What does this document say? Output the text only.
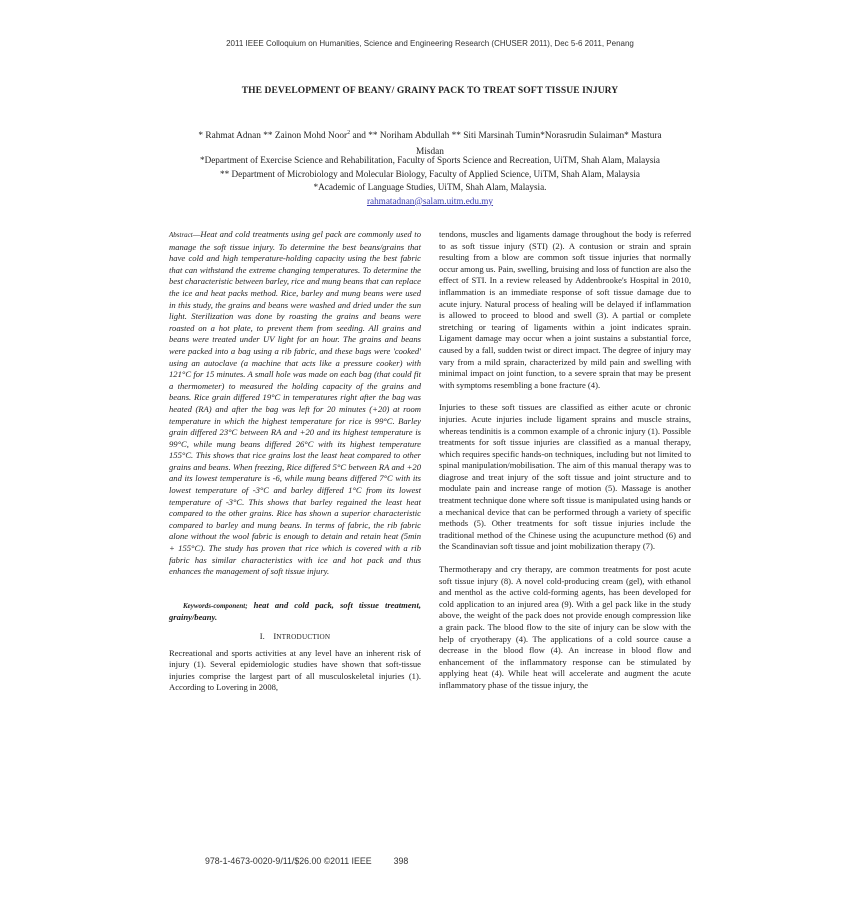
2011 IEEE Colloquium on Humanities, Science and Engineering Research (CHUSER 2011), Dec 5-6 2011, Penang
THE DEVELOPMENT OF BEANY/ GRAINY PACK TO TREAT SOFT TISSUE INJURY
* Rahmat Adnan ** Zainon Mohd Noor$^2$ and ** Noriham Abdullah ** Siti Marsinah Tumin*Norasrudin Sulaiman* Mastura
Misdan
*Department of Exercise Science and Rehabilitation, Faculty of Sports Science and Recreation, UiTM, Shah Alam, Malaysia
** Department of Microbiology and Molecular Biology, Faculty of Applied Science, UiTM, Shah Alam, Malaysia
*Academic of Language Studies, UiTM, Shah Alam, Malaysia.
rahmatadnan@salam.uitm.edu.my

Abstract—Heat and cold treatments using gel pack are commonly used to manage the soft tissue injury. To determine the best beans/grains that have cold and high temperature-holding capacity using the best fabric that can withstand the extreme changing temperatures. To determine the best characteristic between barley, rice and mung beans that can replace the ice and heat packs method. Rice, barley and mung beans were used in this study, the grains and beans were washed and dried under the sun light. Sterilization was done by roasting the grains and beans were roasted on a hot plate, to prevent them from seeding. All grains and beans were treated under UV light for an hour. The grains and beans were packed into a bag using a rib fabric, and these bags were 'cooked' using an autoclave (a machine that acts like a pressure cooker) with 121°C for 15 minutes. A small hole was made on each bag (that could fit a thermometer) to measured the holding capacity of the grains and beans. Rice grain differed 19°C in temperatures right after the bag was heated (RA) and after the bag was left for 20 minutes (+20) at room temperature in which the highest temperature for rice is 99°C. Barley grain differed 23°C between RA and +20 and its highest temperature is 99°C, while mung beans differed 26°C with its highest temperature 155°C. This shows that rice grains lost the least heat compared to other grains and beans. When freezing, Rice differed 5°C between RA and +20 and its lowest temperature is -6, while mung beans differed 7°C with its lowest temperature of -3°C and barley differed 1°C from its lowest temperature of -3°C. This shows that barley regained the least heat compared to the other grains. Rice has shown a superior characteristic compared to barley and mung beans. In terms of fabric, the rib fabric alone without the wool fabric is enough to detain and retain heat (5min + 155°C). The study has proven that rice which is covered with a rib fabric has similar characteristics with ice and hot pack and thus enhances the management of soft tissue injury.

Keywords-component; heat and cold pack, soft tissue treatment, grainy/beany.

I. INTRODUCTION

Recreational and sports activities at any level have an inherent risk of injury (1). Several epidemiologic studies have shown that soft-tissue injuries comprise the largest part of all musculoskeletal injuries (1). According to Lovering in 2008,

tendons, muscles and ligaments damage throughout the body is referred to as soft tissue injury (STI) (2). A contusion or strain and sprain resulting from a blow are common soft tissue injuries that normally occur among us. Pain, swelling, bruising and loss of function are also the effect of STI. In a review released by Addenbrooke's Hospital in 2010, inflammation is an immediate response of soft tissue damage due to acute injury. Natural process of healing will be delayed if inflammation is allowed to proceed to blood and swell (3). A partial or complete stretching or tearing of ligaments within a joint indicates sprain. Ligament damage may occur when a joint sustains a substantial force, caused by a fall, sudden twist or direct impact. The degree of injury may vary from a mild sprain, characterized by mild pain and swelling with minimal impact on joint function, to a severe sprain that may be present with symptoms resembling a bone fracture (4).

Injuries to these soft tissues are classified as either acute or chronic injuries. Acute injuries include ligament sprains and muscle strains, whereas tendinitis is a common example of a chronic injury (1). Possible treatments for soft tissue injuries are classified as a manual therapy, which requires specific hands-on techniques, including but not limited to spinal manipulation/mobilisation. The aim of this manual therapy was to diagrose and treat injury of the soft tissue and joint structure and to modulate pain and increase range of motion (5). Massage is another treatment technique done where soft tissue is manipulated using hands or a mechanical device that can be performed through a variety of specific methods (5). Other treatments for soft tissue injuries include the traditional method of the Chinese using the acupuncture method (6) and the Scandinavian soft tissue and joint mobilization therapy (7).

Thermotherapy and cry therapy, are common treatments for post acute soft tissue injury (8). A novel cold-producing cream (gel), with ethanol and menthol as the active cold-forming agents, has been developed for cold application to an injured area (9). With a gel pack like in the study above, the weight of the pack does not provide enough compression like a grain pack. The blood flow to the site of injury can be slow with the help of cryotherapy (4). The applications of a cold source cause a decrease in the blood flow (4). An increase in blood flow and enhancement of the inflammatory response can be stimulated by applying heat (4). While heat will accelerate and augment the acute inflammatory phase of the tissue injury, the

978-1-4673-0020-9/11/$26.00 ©2011 IEEE	398
